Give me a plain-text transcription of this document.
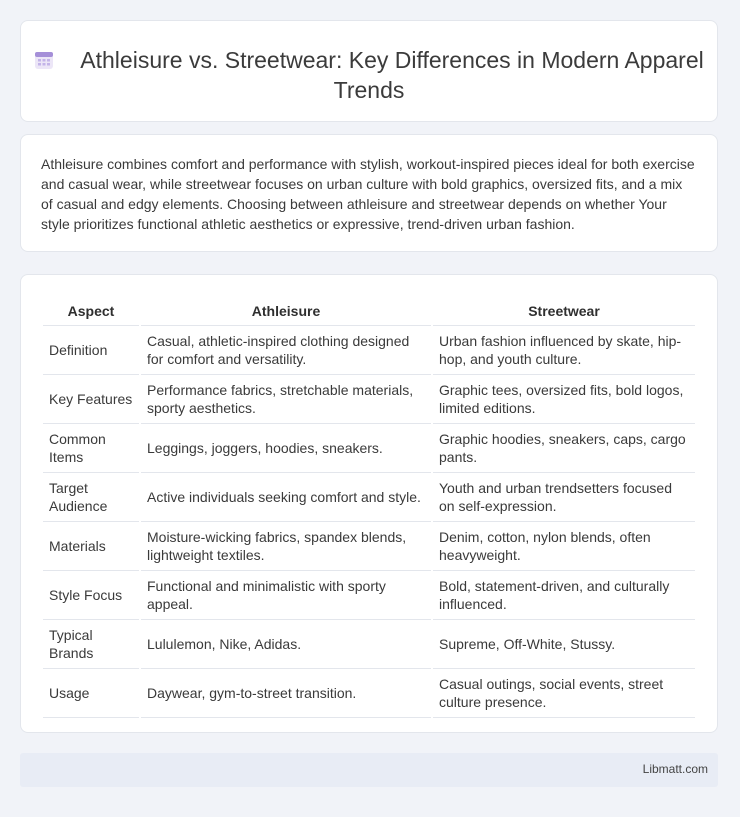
Athleisure vs. Streetwear: Key Differences in Modern Apparel Trends

Athleisure combines comfort and performance with stylish, workout-inspired pieces ideal for both exercise and casual wear, while streetwear focuses on urban culture with bold graphics, oversized fits, and a mix of casual and edgy elements. Choosing between athleisure and streetwear depends on whether Your style prioritizes functional athletic aesthetics or expressive, trend-driven urban fashion.

Aspect	Athleisure	Streetwear
Definition	Casual, athletic-inspired clothing designed for comfort and versatility.	Urban fashion influenced by skate, hip-hop, and youth culture.
Key Features	Performance fabrics, stretchable materials, sporty aesthetics.	Graphic tees, oversized fits, bold logos, limited editions.
Common Items	Leggings, joggers, hoodies, sneakers.	Graphic hoodies, sneakers, caps, cargo pants.
Target Audience	Active individuals seeking comfort and style.	Youth and urban trendsetters focused on self-expression.
Materials	Moisture-wicking fabrics, spandex blends, lightweight textiles.	Denim, cotton, nylon blends, often heavyweight.
Style Focus	Functional and minimalistic with sporty appeal.	Bold, statement-driven, and culturally influenced.
Typical Brands	Lululemon, Nike, Adidas.	Supreme, Off-White, Stussy.
Usage	Daywear, gym-to-street transition.	Casual outings, social events, street culture presence.
Libmatt.com
